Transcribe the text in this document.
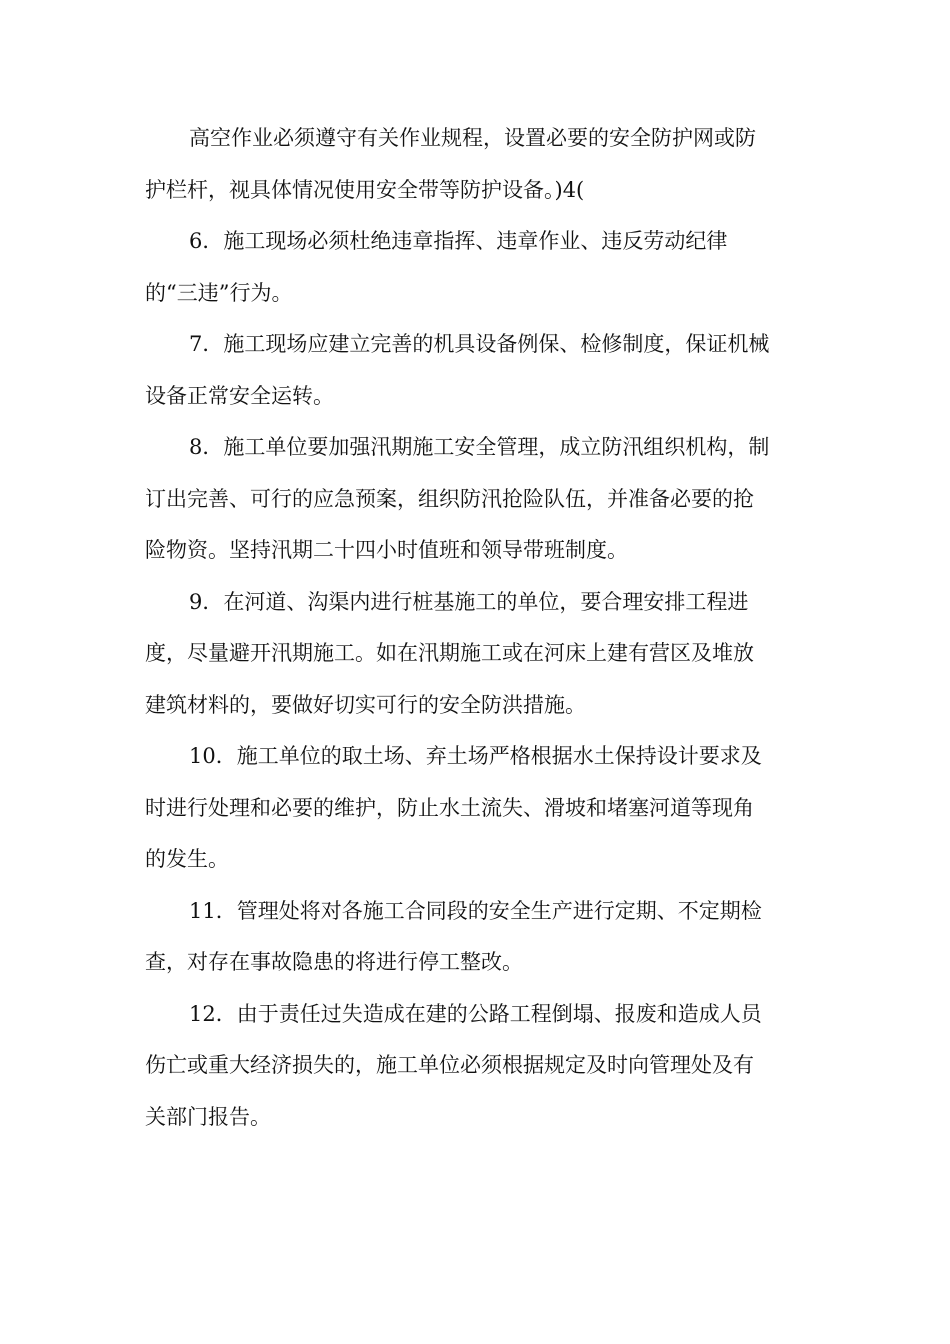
高空作业必须遵守有关作业规程，设置必要的安全防护网或防
护栏杆，视具体情况使用安全带等防护设备。)4(
6．施工现场必须杜绝违章指挥、违章作业、违反劳动纪律
的“三违”行为。
7．施工现场应建立完善的机具设备例保、检修制度，保证机械
设备正常安全运转。
8．施工单位要加强汛期施工安全管理，成立防汛组织机构，制
订出完善、可行的应急预案，组织防汛抢险队伍，并准备必要的抢
险物资。坚持汛期二十四小时值班和领导带班制度。
9．在河道、沟渠内进行桩基施工的单位，要合理安排工程进
度，尽量避开汛期施工。如在汛期施工或在河床上建有营区及堆放
建筑材料的，要做好切实可行的安全防洪措施。
10．施工单位的取土场、弃土场严格根据水土保持设计要求及
时进行处理和必要的维护，防止水土流失、滑坡和堵塞河道等现角
的发生。
11．管理处将对各施工合同段的安全生产进行定期、不定期检
查，对存在事故隐患的将进行停工整改。
12．由于责任过失造成在建的公路工程倒塌、报废和造成人员
伤亡或重大经济损失的，施工单位必须根据规定及时向管理处及有
关部门报告。
